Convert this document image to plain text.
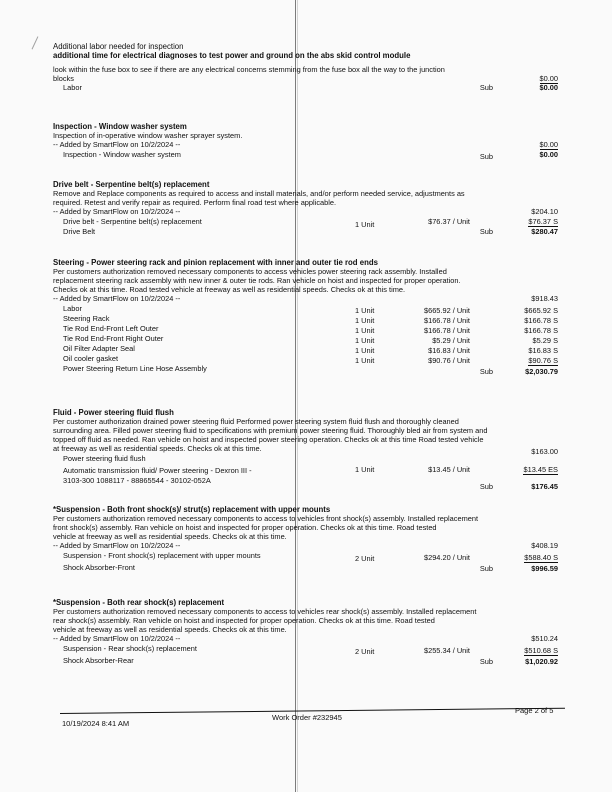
Additional labor needed for inspection
additional time for electrical diagnoses to test power and ground on the abs skid control module
look within the fuse box to see if there are any electrical concerns stemming from the fuse box all the way to the junction
blocks	$0.00
Labor	Sub	$0.00
Inspection - Window washer system
Inspection of in-operative window washer sprayer system.
-- Added by SmartFlow on 10/2/2024 --	$0.00
Inspection - Window washer system	Sub	$0.00
Drive belt - Serpentine belt(s) replacement
Remove and Replace components as required to access and install materials, and/or perform needed service, adjustments as
required. Retest and verify repair as required. Perform final road test where applicable.
-- Added by SmartFlow on 10/2/2024 --	$204.10
Drive belt - Serpentine belt(s) replacement	1 Unit	$76.37 / Unit	$76.37 S
Drive Belt	Sub	$280.47
Steering - Power steering rack and pinion replacement with inner and outer tie rod ends
Per customers authorization removed necessary components to access vehicles power steering rack assembly. Installed
replacement steering rack assembly with new inner & outer tie rods. Ran vehicle on hoist and inspected for proper operation.
Checks ok at this time. Road tested vehicle at freeway as well as residential speeds. Checks ok at this time.
-- Added by SmartFlow on 10/2/2024 --	$918.43
Labor	1 Unit	$665.92 / Unit	$665.92 S
Steering Rack	1 Unit	$166.78 / Unit	$166.78 S
Tie Rod End-Front Left Outer	1 Unit	$166.78 / Unit	$166.78 S
Tie Rod End-Front Right Outer	1 Unit	$5.29 / Unit	$5.29 S
Oil Filter Adapter Seal	1 Unit	$16.83 / Unit	$16.83 S
Oil cooler gasket	1 Unit	$90.76 / Unit	$90.76 S
Power Steering Return Line Hose Assembly	Sub	$2,030.79
Fluid - Power steering fluid flush
Per customer authorization drained power steering fluid Performed power steering system fluid flush and thoroughly cleaned
surrounding area. Filled power steering fluid to specifications with premium power steering fluid. Thoroughly bled air from system and
topped off fluid as needed. Ran vehicle on hoist and inspected power steering operation. Checks ok at this time Road tested vehicle
at freeway as well as residential speeds. Checks ok at this time.	$163.00
Power steering fluid flush
Automatic transmission fluid/ Power steering - Dexron III -	1 Unit	$13.45 / Unit	$13.45 ES
3103-300 1088117 - 88865544 - 30102-052A
Sub	$176.45
*Suspension - Both front shock(s)/ strut(s) replacement with upper mounts
Per customers authorization removed necessary components to access to vehicles front shock(s) assembly. Installed replacement
front shock(s) assembly. Ran vehicle on hoist and inspected for proper operation. Checks ok at this time. Road tested
vehicle at freeway as well as residential speeds. Checks ok at this time.
-- Added by SmartFlow on 10/2/2024 --	$408.19
Suspension - Front shock(s) replacement with upper mounts	2 Unit	$294.20 / Unit	$588.40 S
Shock Absorber-Front	Sub	$996.59
*Suspension - Both rear shock(s) replacement
Per customers authorization removed necessary components to access to vehicles rear shock(s) assembly. Installed replacement
rear shock(s) assembly. Ran vehicle on hoist and inspected for proper operation. Checks ok at this time. Road tested
vehicle at freeway as well as residential speeds. Checks ok at this time.
-- Added by SmartFlow on 10/2/2024 --	$510.24
Suspension - Rear shock(s) replacement	2 Unit	$255.34 / Unit	$510.68 S
Shock Absorber-Rear	Sub	$1,020.92
10/19/2024 8:41 AM
Work Order #232945
Page 2 of 5
